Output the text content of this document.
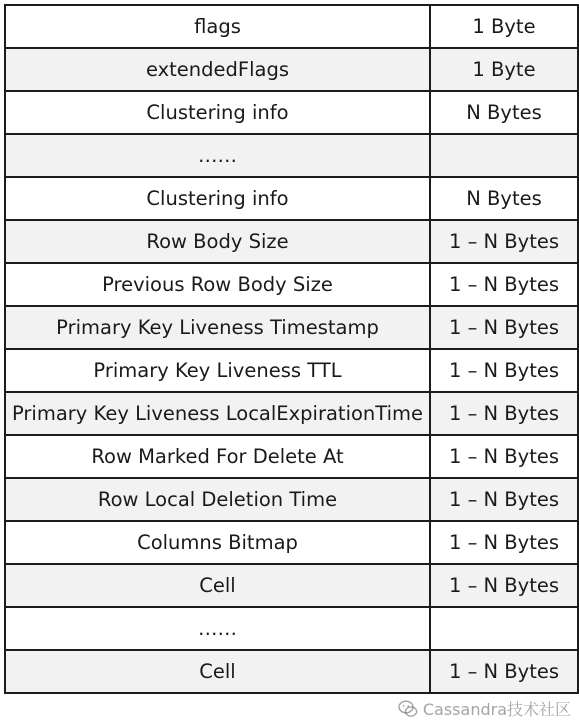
flags	1 Byte
extendedFlags	1 Byte
Clustering info	N Bytes
……	
Clustering info	N Bytes
Row Body Size	1 – N Bytes
Previous Row Body Size	1 – N Bytes
Primary Key Liveness Timestamp	1 – N Bytes
Primary Key Liveness TTL	1 – N Bytes
Primary Key Liveness LocalExpirationTime	1 – N Bytes
Row Marked For Delete At	1 – N Bytes
Row Local Deletion Time	1 – N Bytes
Columns Bitmap	1 – N Bytes
Cell	1 – N Bytes
……	
Cell	1 – N Bytes
Cassandra技术社区
